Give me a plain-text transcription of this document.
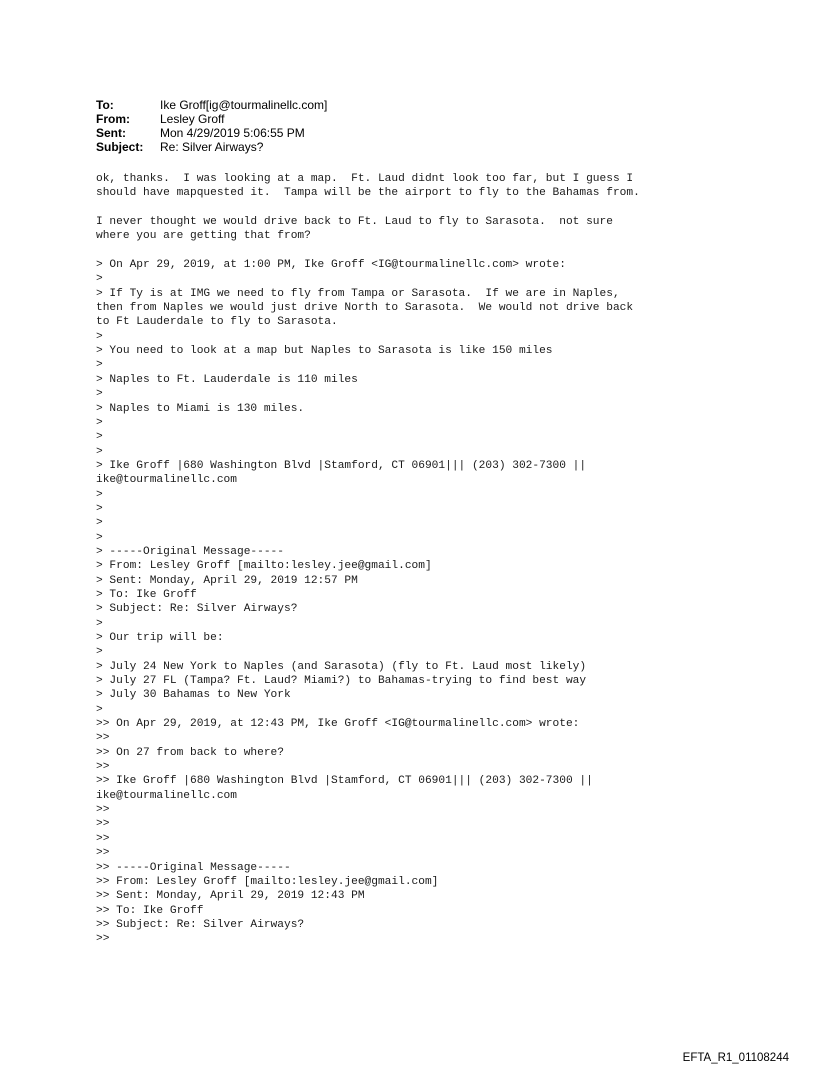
To:	Ike Groff[ig@tourmalinellc.com]
From:	Lesley Groff
Sent:	Mon 4/29/2019 5:06:55 PM
Subject:	Re: Silver Airways?
ok, thanks.  I was looking at a map.  Ft. Laud didnt look too far, but I guess I
should have mapquested it.  Tampa will be the airport to fly to the Bahamas from.
I never thought we would drive back to Ft. Laud to fly to Sarasota.  not sure
where you are getting that from?
> On Apr 29, 2019, at 1:00 PM, Ike Groff <IG@tourmalinellc.com> wrote:
>
> If Ty is at IMG we need to fly from Tampa or Sarasota.  If we are in Naples,
then from Naples we would just drive North to Sarasota.  We would not drive back
to Ft Lauderdale to fly to Sarasota.
>
> You need to look at a map but Naples to Sarasota is like 150 miles
>
> Naples to Ft. Lauderdale is 110 miles
>
> Naples to Miami is 130 miles.
>
>
>
> Ike Groff |680 Washington Blvd |Stamford, CT 06901||| (203) 302-7300 ||
ike@tourmalinellc.com
>
>
>
>
> -----Original Message-----
> From: Lesley Groff [mailto:lesley.jee@gmail.com]
> Sent: Monday, April 29, 2019 12:57 PM
> To: Ike Groff
> Subject: Re: Silver Airways?
>
> Our trip will be:
>
> July 24 New York to Naples (and Sarasota) (fly to Ft. Laud most likely)
> July 27 FL (Tampa? Ft. Laud? Miami?) to Bahamas-trying to find best way
> July 30 Bahamas to New York
>
>> On Apr 29, 2019, at 12:43 PM, Ike Groff <IG@tourmalinellc.com> wrote:
>>
>> On 27 from back to where?
>>
>> Ike Groff |680 Washington Blvd |Stamford, CT 06901||| (203) 302-7300 ||
ike@tourmalinellc.com
>>
>>
>>
>>
>> -----Original Message-----
>> From: Lesley Groff [mailto:lesley.jee@gmail.com]
>> Sent: Monday, April 29, 2019 12:43 PM
>> To: Ike Groff
>> Subject: Re: Silver Airways?
>>
EFTA_R1_01108244
